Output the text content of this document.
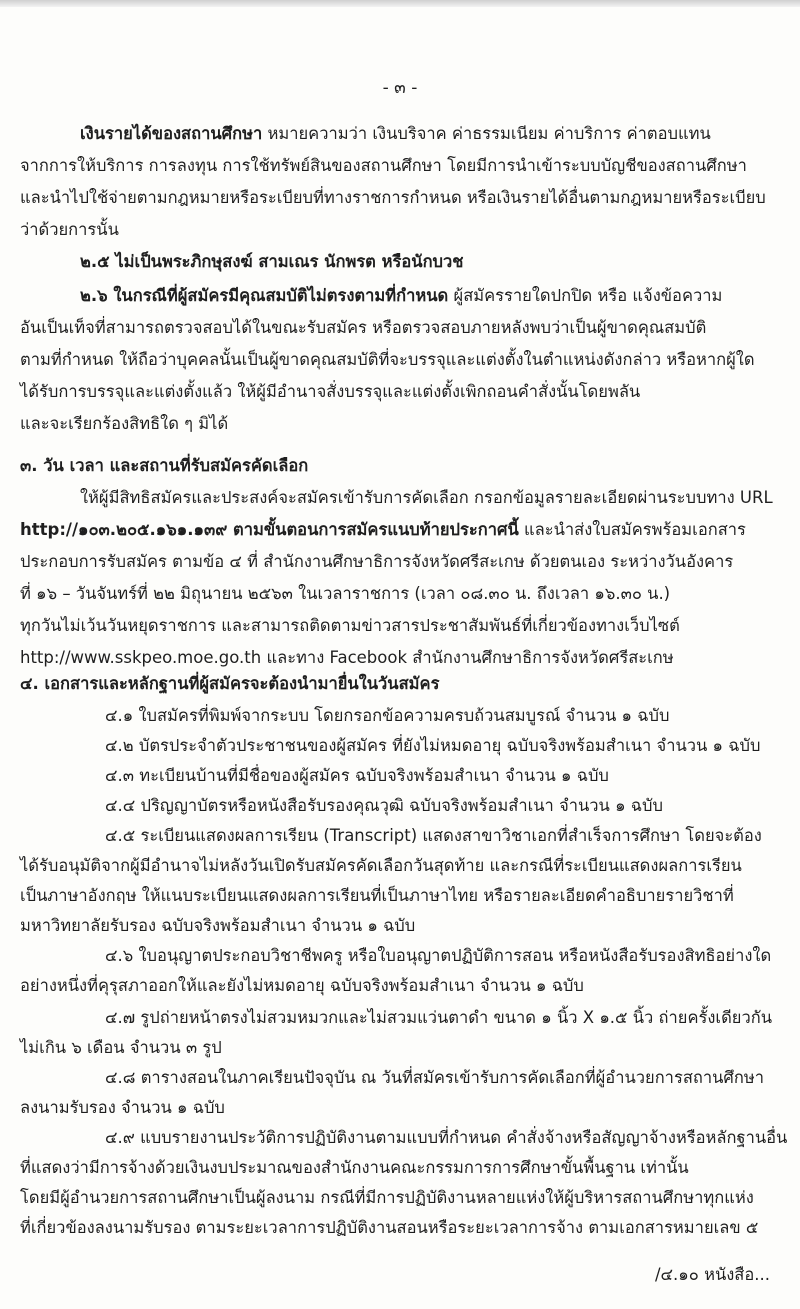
- ๓ -
เงินรายได้ของสถานศึกษา หมายความว่า เงินบริจาค ค่าธรรมเนียม ค่าบริการ ค่าตอบแทน
จากการให้บริการ การลงทุน การใช้ทรัพย์สินของสถานศึกษา โดยมีการนำเข้าระบบบัญชีของสถานศึกษา
และนำไปใช้จ่ายตามกฎหมายหรือระเบียบที่ทางราชการกำหนด หรือเงินรายได้อื่นตามกฎหมายหรือระเบียบ
ว่าด้วยการนั้น
๒.๕ ไม่เป็นพระภิกษุสงฆ์ สามเณร นักพรต หรือนักบวช
๒.๖ ในกรณีที่ผู้สมัครมีคุณสมบัติไม่ตรงตามที่กำหนด ผู้สมัครรายใดปกปิด หรือ แจ้งข้อความ
อันเป็นเท็จที่สามารถตรวจสอบได้ในขณะรับสมัคร หรือตรวจสอบภายหลังพบว่าเป็นผู้ขาดคุณสมบัติ
ตามที่กำหนด ให้ถือว่าบุคคลนั้นเป็นผู้ขาดคุณสมบัติที่จะบรรจุและแต่งตั้งในตำแหน่งดังกล่าว หรือหากผู้ใด
ได้รับการบรรจุและแต่งตั้งแล้ว ให้ผู้มีอำนาจสั่งบรรจุและแต่งตั้งเพิกถอนคำสั่งนั้นโดยพลัน
และจะเรียกร้องสิทธิใด ๆ มิได้
๓. วัน เวลา และสถานที่รับสมัครคัดเลือก
ให้ผู้มีสิทธิสมัครและประสงค์จะสมัครเข้ารับการคัดเลือก กรอกข้อมูลรายละเอียดผ่านระบบทาง URL
http://๑๐๓.๒๐๕.๑๖๑.๑๓๙ ตามขั้นตอนการสมัครแนบท้ายประกาศนี้ และนำส่งใบสมัครพร้อมเอกสาร
ประกอบการรับสมัคร ตามข้อ ๔ ที่ สำนักงานศึกษาธิการจังหวัดศรีสะเกษ ด้วยตนเอง ระหว่างวันอังคาร
ที่ ๑๖ – วันจันทร์ที่ ๒๒ มิถุนายน ๒๕๖๓ ในเวลาราชการ (เวลา ๐๘.๓๐ น. ถึงเวลา ๑๖.๓๐ น.)
ทุกวันไม่เว้นวันหยุดราชการ และสามารถติดตามข่าวสารประชาสัมพันธ์ที่เกี่ยวข้องทางเว็บไซต์
http://www.sskpeo.moe.go.th และทาง Facebook สำนักงานศึกษาธิการจังหวัดศรีสะเกษ
๔. เอกสารและหลักฐานที่ผู้สมัครจะต้องนำมายื่นในวันสมัคร
๔.๑ ใบสมัครที่พิมพ์จากระบบ โดยกรอกข้อความครบถ้วนสมบูรณ์ จำนวน ๑ ฉบับ
๔.๒ บัตรประจำตัวประชาชนของผู้สมัคร ที่ยังไม่หมดอายุ ฉบับจริงพร้อมสำเนา จำนวน ๑ ฉบับ
๔.๓ ทะเบียนบ้านที่มีชื่อของผู้สมัคร ฉบับจริงพร้อมสำเนา จำนวน ๑ ฉบับ
๔.๔ ปริญญาบัตรหรือหนังสือรับรองคุณวุฒิ ฉบับจริงพร้อมสำเนา จำนวน ๑ ฉบับ
๔.๕ ระเบียนแสดงผลการเรียน (Transcript) แสดงสาขาวิชาเอกที่สำเร็จการศึกษา โดยจะต้อง
ได้รับอนุมัติจากผู้มีอำนาจไม่หลังวันเปิดรับสมัครคัดเลือกวันสุดท้าย และกรณีที่ระเบียนแสดงผลการเรียน
เป็นภาษาอังกฤษ ให้แนบระเบียนแสดงผลการเรียนที่เป็นภาษาไทย หรือรายละเอียดคำอธิบายรายวิชาที่
มหาวิทยาลัยรับรอง ฉบับจริงพร้อมสำเนา จำนวน ๑ ฉบับ
๔.๖ ใบอนุญาตประกอบวิชาชีพครู หรือใบอนุญาตปฏิบัติการสอน หรือหนังสือรับรองสิทธิอย่างใด
อย่างหนึ่งที่คุรุสภาออกให้และยังไม่หมดอายุ ฉบับจริงพร้อมสำเนา จำนวน ๑ ฉบับ
๔.๗ รูปถ่ายหน้าตรงไม่สวมหมวกและไม่สวมแว่นตาดำ ขนาด ๑ นิ้ว X ๑.๕ นิ้ว ถ่ายครั้งเดียวกัน
ไม่เกิน ๖ เดือน จำนวน ๓ รูป
๔.๘ ตารางสอนในภาคเรียนปัจจุบัน ณ วันที่สมัครเข้ารับการคัดเลือกที่ผู้อำนวยการสถานศึกษา
ลงนามรับรอง จำนวน ๑ ฉบับ
๔.๙ แบบรายงานประวัติการปฏิบัติงานตามแบบที่กำหนด คำสั่งจ้างหรือสัญญาจ้างหรือหลักฐานอื่น
ที่แสดงว่ามีการจ้างด้วยเงินงบประมาณของสำนักงานคณะกรรมการการศึกษาขั้นพื้นฐาน เท่านั้น
โดยมีผู้อำนวยการสถานศึกษาเป็นผู้ลงนาม กรณีที่มีการปฏิบัติงานหลายแห่งให้ผู้บริหารสถานศึกษาทุกแห่ง
ที่เกี่ยวข้องลงนามรับรอง ตามระยะเวลาการปฏิบัติงานสอนหรือระยะเวลาการจ้าง ตามเอกสารหมายเลข ๕
/๔.๑๐ หนังสือ...
